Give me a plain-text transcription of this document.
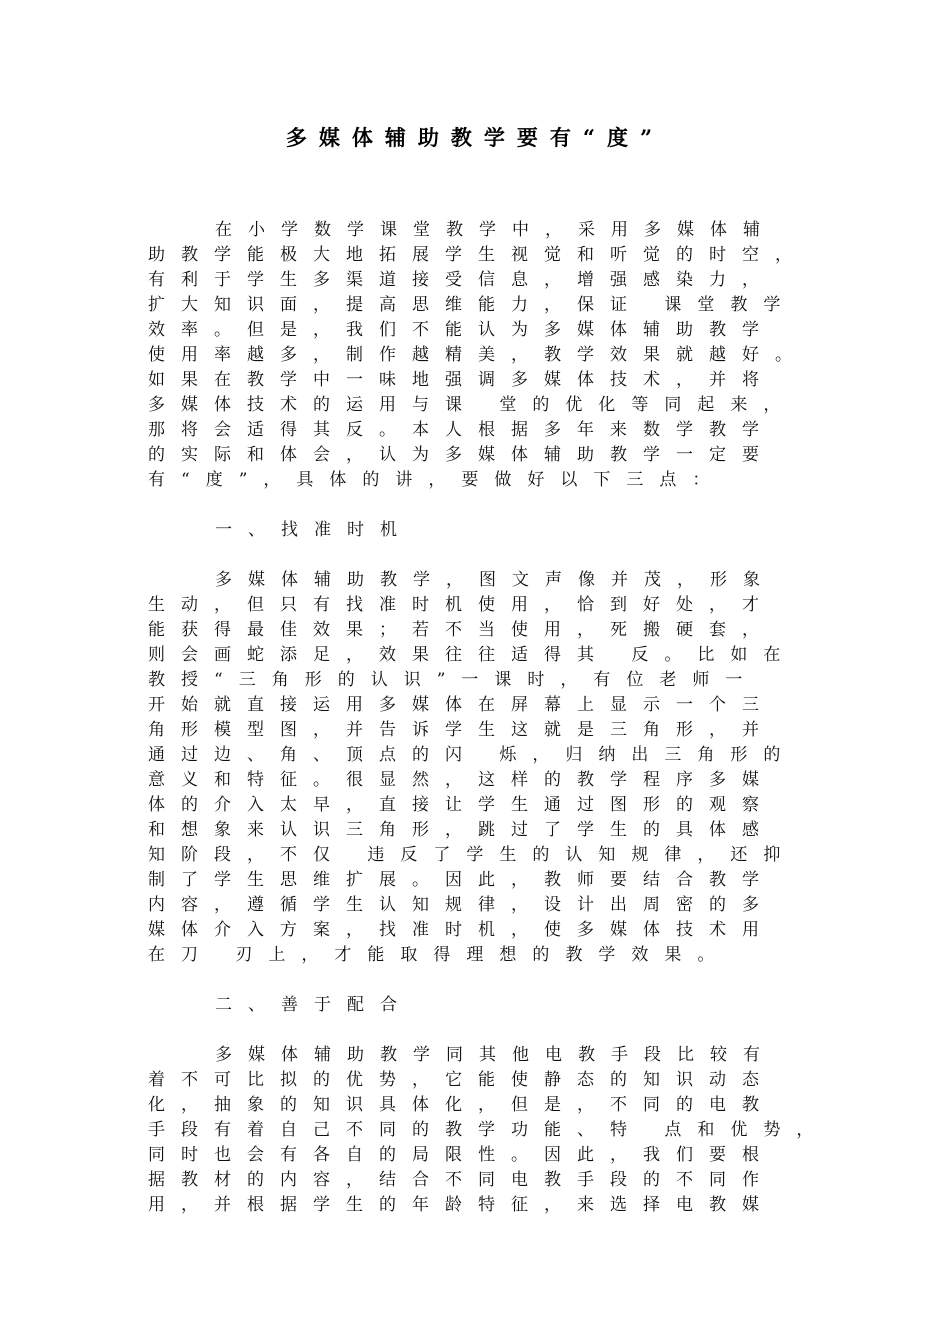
多媒体辅助教学要有“度”
在小学数学课堂教学中，采用多媒体辅
助教学能极大地拓展学生视觉和听觉的时空，
有利于学生多渠道接受信息，增强感染力，
扩大知识面，提高思维能力，保证 课堂教学
效率。但是，我们不能认为多媒体辅助教学
使用率越多，制作越精美，教学效果就越好。
如果在教学中一味地强调多媒体技术，并将
多媒体技术的运用与课 堂的优化等同起来，
那将会适得其反。本人根据多年来数学教学
的实际和体会，认为多媒体辅助教学一定要
有“度”，具体的讲，要做好以下三点：
一、找准时机
多媒体辅助教学，图文声像并茂，形象
生动，但只有找准时机使用，恰到好处，才
能获得最佳效果；若不当使用，死搬硬套，
则会画蛇添足，效果往往适得其 反。比如在
教授“三角形的认识”一课时，有位老师一
开始就直接运用多媒体在屏幕上显示一个三
角形模型图，并告诉学生这就是三角形，并
通过边、角、顶点的闪 烁，归纳出三角形的
意义和特征。很显然，这样的教学程序多媒
体的介入太早，直接让学生通过图形的观察
和想象来认识三角形，跳过了学生的具体感
知阶段，不仅 违反了学生的认知规律，还抑
制了学生思维扩展。因此，教师要结合教学
内容，遵循学生认知规律，设计出周密的多
媒体介入方案，找准时机，使多媒体技术用
在刀 刃上，才能取得理想的教学效果。
二、善于配合
多媒体辅助教学同其他电教手段比较有
着不可比拟的优势，它能使静态的知识动态
化，抽象的知识具体化，但是，不同的电教
手段有着自己不同的教学功能、特 点和优势，
同时也会有各自的局限性。因此，我们要根
据教材的内容，结合不同电教手段的不同作
用，并根据学生的年龄特征，来选择电教媒
